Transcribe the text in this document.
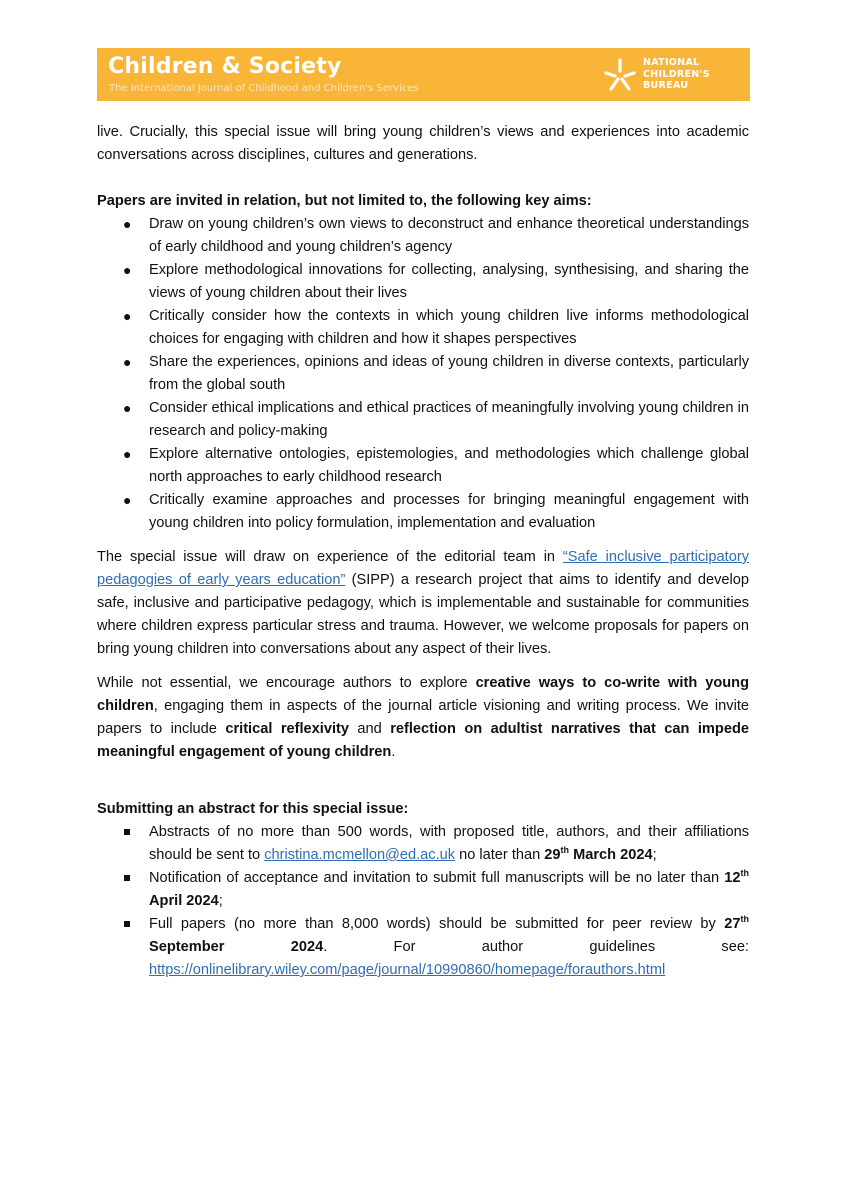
Children & Society
The International Journal of Childhood and Children's Services
NATIONAL
CHILDREN'S
BUREAU

live. Crucially, this special issue will bring young children’s views and experiences into academic conversations across disciplines, cultures and generations.

Papers are invited in relation, but not limited to, the following key aims:

● Draw on young children’s own views to deconstruct and enhance theoretical understandings of early childhood and young children’s agency
● Explore methodological innovations for collecting, analysing, synthesising, and sharing the views of young children about their lives
● Critically consider how the contexts in which young children live informs methodological choices for engaging with children and how it shapes perspectives
● Share the experiences, opinions and ideas of young children in diverse contexts, particularly from the global south
● Consider ethical implications and ethical practices of meaningfully involving young children in research and policy-making
● Explore alternative ontologies, epistemologies, and methodologies which challenge global north approaches to early childhood research
● Critically examine approaches and processes for bringing meaningful engagement with young children into policy formulation, implementation and evaluation

The special issue will draw on experience of the editorial team in “Safe inclusive participatory pedagogies of early years education” (SIPP) a research project that aims to identify and develop safe, inclusive and participative pedagogy, which is implementable and sustainable for communities where children express particular stress and trauma. However, we welcome proposals for papers on bring young children into conversations about any aspect of their lives.

While not essential, we encourage authors to explore creative ways to co-write with young children, engaging them in aspects of the journal article visioning and writing process. We invite papers to include critical reflexivity and reflection on adultist narratives that can impede meaningful engagement of young children.

Submitting an abstract for this special issue:

Abstracts of no more than 500 words, with proposed title, authors, and their affiliations should be sent to christina.mcmellon@ed.ac.uk no later than 29th March 2024;
Notification of acceptance and invitation to submit full manuscripts will be no later than 12th April 2024;
Full papers (no more than 8,000 words) should be submitted for peer review by 27th September 2024. For author guidelines see: https://onlinelibrary.wiley.com/page/journal/10990860/homepage/forauthors.html
